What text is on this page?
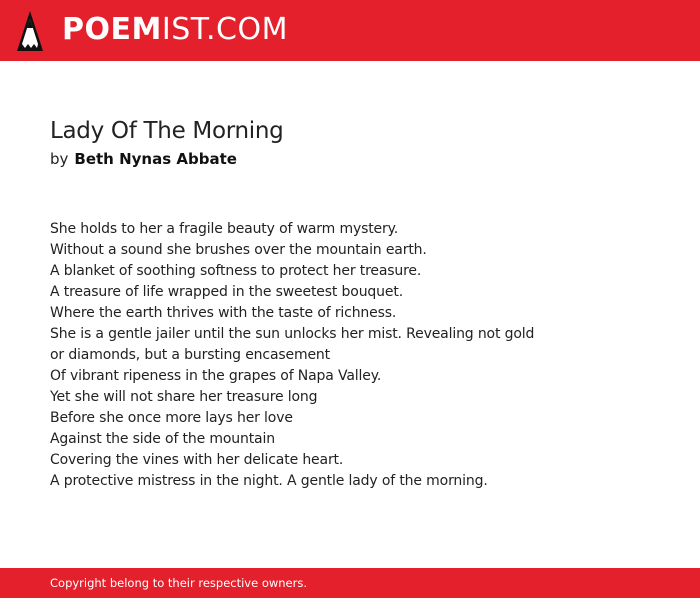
POEMIST.COM
Lady Of The Morning
by Beth Nynas Abbate
She holds to her a fragile beauty of warm mystery.
Without a sound she brushes over the mountain earth.
A blanket of soothing softness to protect her treasure.
A treasure of life wrapped in the sweetest bouquet.
Where the earth thrives with the taste of richness.
She is a gentle jailer until the sun unlocks her mist. Revealing not gold
or diamonds, but a bursting encasement
Of vibrant ripeness in the grapes of Napa Valley.
Yet she will not share her treasure long
Before she once more lays her love
Against the side of the mountain
Covering the vines with her delicate heart.
A protective mistress in the night. A gentle lady of the morning.
Copyright belong to their respective owners.
